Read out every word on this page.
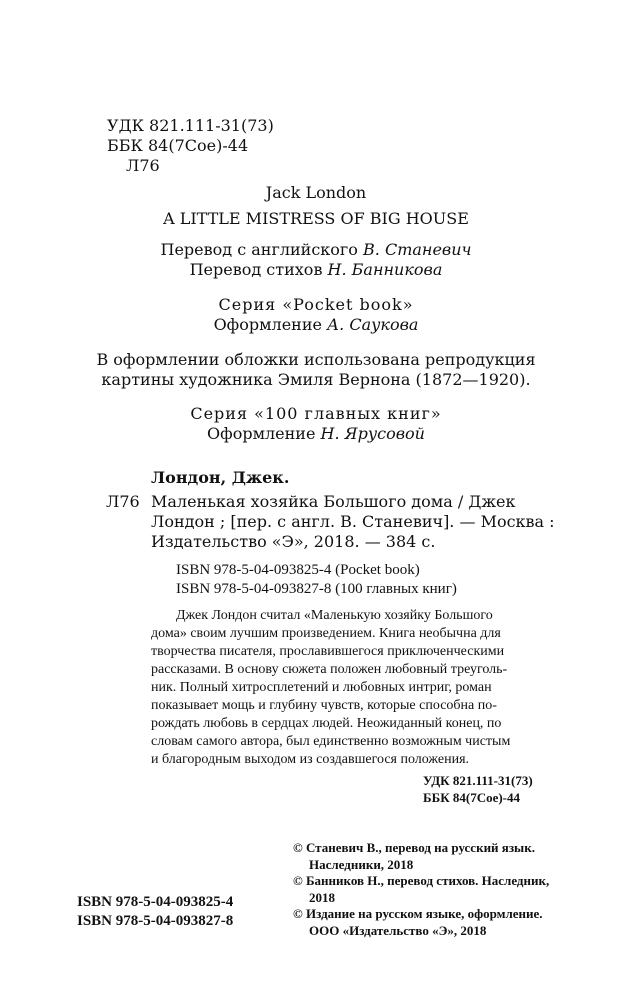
УДК 821.111-31(73)
ББК 84(7Сое)-44
Л76
Jack London
A LITTLE MISTRESS OF BIG HOUSE
Перевод с английского В. Станевич
Перевод стихов Н. Банникова
Серия «Pocket book»
Оформление А. Саукова
В оформлении обложки использована репродукция
картины художника Эмиля Вернона (1872—1920).
Серия «100 главных книг»
Оформление Н. Ярусовой
Лондон, Джек.
Л76 Маленькая хозяйка Большого дома / Джек
Лондон ; [пер. с англ. В. Станевич]. — Москва :
Издательство «Э», 2018. — 384 с.
ISBN 978-5-04-093825-4 (Pocket book)
ISBN 978-5-04-093827-8 (100 главных книг)
Джек Лондон считал «Маленькую хозяйку Большого
дома» своим лучшим произведением. Книга необычна для
творчества писателя, прославившегося приключенческими
рассказами. В основу сюжета положен любовный треуголь-
ник. Полный хитросплетений и любовных интриг, роман
показывает мощь и глубину чувств, которые способна по-
рождать любовь в сердцах людей. Неожиданный конец, по
словам самого автора, был единственно возможным чистым
и благородным выходом из создавшегося положения.
УДК 821.111-31(73)
ББК 84(7Сое)-44
© Станевич В., перевод на русский язык.
Наследники, 2018
© Банников Н., перевод стихов. Наследник,
2018
© Издание на русском языке, оформление.
ООО «Издательство «Э», 2018
ISBN 978-5-04-093825-4
ISBN 978-5-04-093827-8
